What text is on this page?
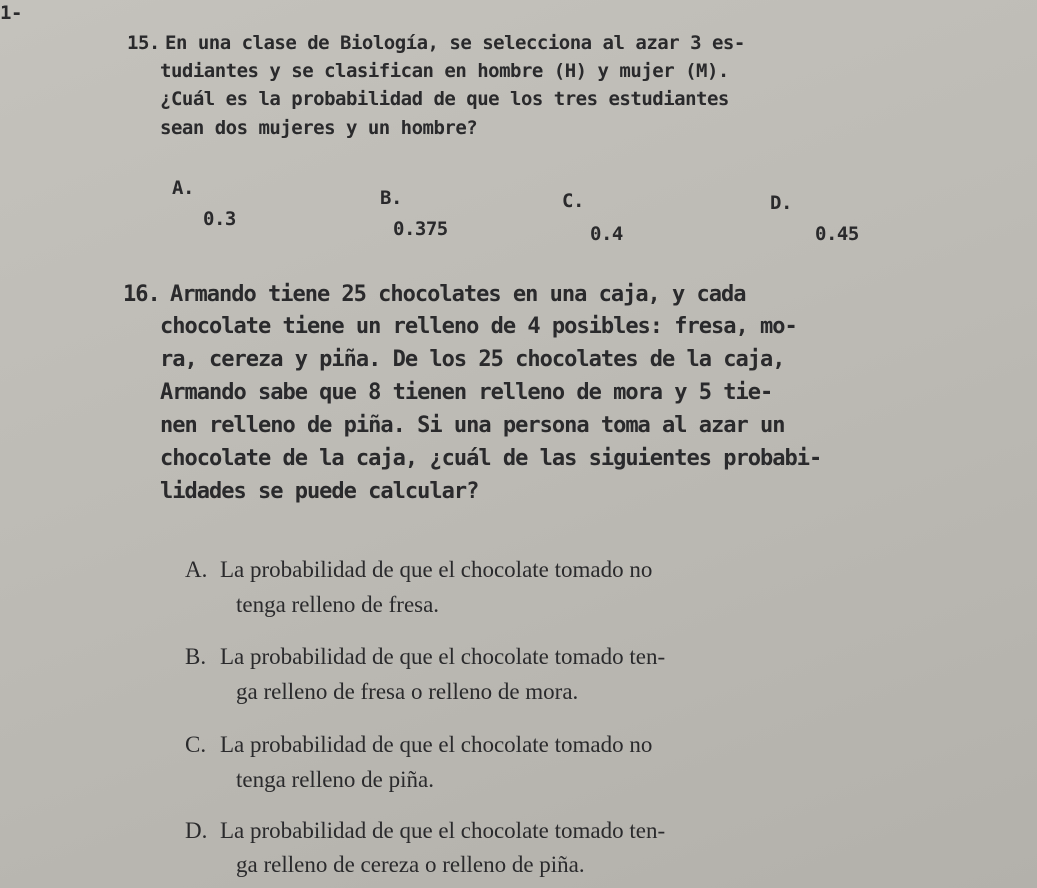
1-
15. En una clase de Biología, se selecciona al azar 3 es-
tudiantes y se clasifican en hombre (H) y mujer (M).
¿Cuál es la probabilidad de que los tres estudiantes
sean dos mujeres y un hombre?
A.
0.3
B.
0.375
C.
0.4
D.
0.45
16. Armando tiene 25 chocolates en una caja, y cada
chocolate tiene un relleno de 4 posibles: fresa, mo-
ra, cereza y piña. De los 25 chocolates de la caja,
Armando sabe que 8 tienen relleno de mora y 5 tie-
nen relleno de piña. Si una persona toma al azar un
chocolate de la caja, ¿cuál de las siguientes probabi-
lidades se puede calcular?
A. La probabilidad de que el chocolate tomado no
tenga relleno de fresa.
B. La probabilidad de que el chocolate tomado ten-
ga relleno de fresa o relleno de mora.
C. La probabilidad de que el chocolate tomado no
tenga relleno de piña.
D. La probabilidad de que el chocolate tomado ten-
ga relleno de cereza o relleno de piña.
